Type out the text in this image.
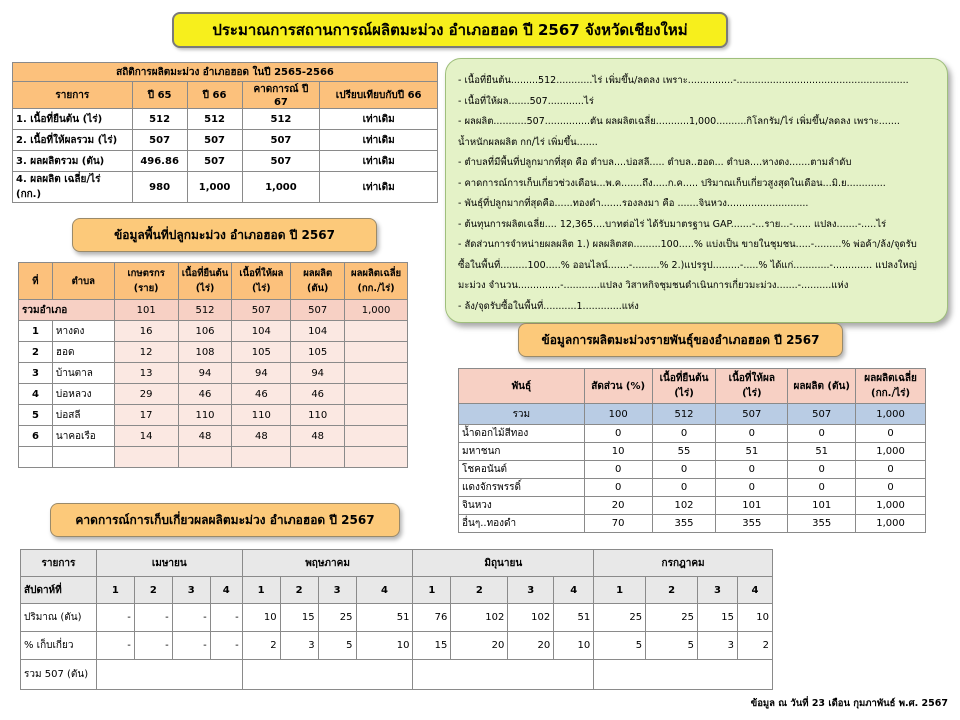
ประมาณการสถานการณ์ผลิตมะม่วง อำเภอฮอด ปี 2567 จังหวัดเชียงใหม่
สถิติการผลิตมะม่วง อำเภอฮอด ในปี 2565-2566				
รายการ	ปี 65	ปี 66	คาดการณ์ ปี 67	เปรียบเทียบกับปี 66
1. เนื้อที่ยืนต้น (ไร่)	512	512	512	เท่าเดิม
2. เนื้อที่ให้ผลรวม (ไร่)	507	507	507	เท่าเดิม
3. ผลผลิตรวม (ตัน)	496.86	507	507	เท่าเดิม
4. ผลผลิต เฉลี่ย/ไร่ (กก.)	980	1,000	1,000	เท่าเดิม
ข้อมูลพื้นที่ปลูกมะม่วง อำเภอฮอด ปี 2567
ที่	ตำบล	เกษตรกร (ราย)	เนื้อที่ยืนต้น (ไร่)	เนื้อที่ให้ผล (ไร่)	ผลผลิต (ตัน)	ผลผลิตเฉลี่ย (กก./ไร่)
รวมอำเภอ		101	512	507	507	1,000
1	หางดง	16	106	104	104	
2	ฮอด	12	108	105	105	
3	บ้านตาล	13	94	94	94	
4	บ่อหลวง	29	46	46	46	
5	บ่อสลี	17	110	110	110	
6	นาคอเรือ	14	48	48	48	

- เนื้อที่ยืนต้น.........512............ไร่ เพิ่มขึ้น/ลดลง เพราะ...............-.........................................................
- เนื้อที่ให้ผล.......507............ไร่
- ผลผลิต...........507...............ตัน ผลผลิตเฉลี่ย...........1,000..........กิโลกรัม/ไร่ เพิ่มขึ้น/ลดลง เพราะ.......
น้ำหนักผลผลิต กก/ไร่ เพิ่มขึ้น.......
- ตำบลที่มีพื้นที่ปลูกมากที่สุด คือ ตำบล....บ่อสลี..... ตำบล..ฮอด... ตำบล....หางดง.......ตามลำดับ
- คาดการณ์การเก็บเกี่ยวช่วงเดือน...พ.ค.......ถึง.....ก.ค..... ปริมาณเก็บเกี่ยวสูงสุดในเดือน...มิ.ย.............
- พันธุ์ที่ปลูกมากที่สุดคือ......ทองดำ.......รองลงมา คือ .......จินหวง...........................
- ต้นทุนการผลิตเฉลี่ย.... 12,365....บาทต่อไร่ ได้รับมาตรฐาน GAP.......-...ราย...-...... แปลง.......-.....ไร่
- สัดส่วนการจำหน่ายผลผลิต 1.) ผลผลิตสด.........100.....% แบ่งเป็น ขายในชุมชน.....-.........% พ่อค้า/ล้ง/จุดรับ
ซื้อในพื้นที่.........100.....% ออนไลน์.......-.........% 2.)แปรรูป.........-.....% ได้แก่............-............. แปลงใหญ่
มะม่วง จำนวน..............-............แปลง วิสาหกิจชุมชนดำเนินการเกี่ยวมะม่วง.......-..........แห่ง
- ล้ง/จุดรับซื้อในพื้นที่...........1.............แห่ง
ข้อมูลการผลิตมะม่วงรายพันธุ์ของอำเภอฮอด ปี 2567
พันธุ์	สัดส่วน (%)	เนื้อที่ยืนต้น (ไร่)	เนื้อที่ให้ผล (ไร่)	ผลผลิต (ตัน)	ผลผลิตเฉลี่ย (กก./ไร่)
รวม	100	512	507	507	1,000
น้ำดอกไม้สีทอง	0	0	0	0	0
มหาชนก	10	55	51	51	1,000
โชคอนันต์	0	0	0	0	0
แดงจักรพรรดิ์	0	0	0	0	0
จินหวง	20	102	101	101	1,000
อื่นๆ..ทองดำ	70	355	355	355	1,000
คาดการณ์การเก็บเกี่ยวผลผลิตมะม่วง อำเภอฮอด ปี 2567
รายการ	เมษายน				พฤษภาคม				มิถุนายน				กรกฎาคม			
สัปดาห์ที่	1	2	3	4	1	2	3	4	1	2	3	4	1	2	3	4
ปริมาณ (ตัน)	-	-	-	-	10	15	25	51	76	102	102	51	25	25	15	10
% เก็บเกี่ยว	-	-	-	-	2	3	5	10	15	20	20	10	5	5	3	2
รวม 507 (ตัน)																
ข้อมูล ณ วันที่ 23 เดือน กุมภาพันธ์ พ.ศ. 2567
